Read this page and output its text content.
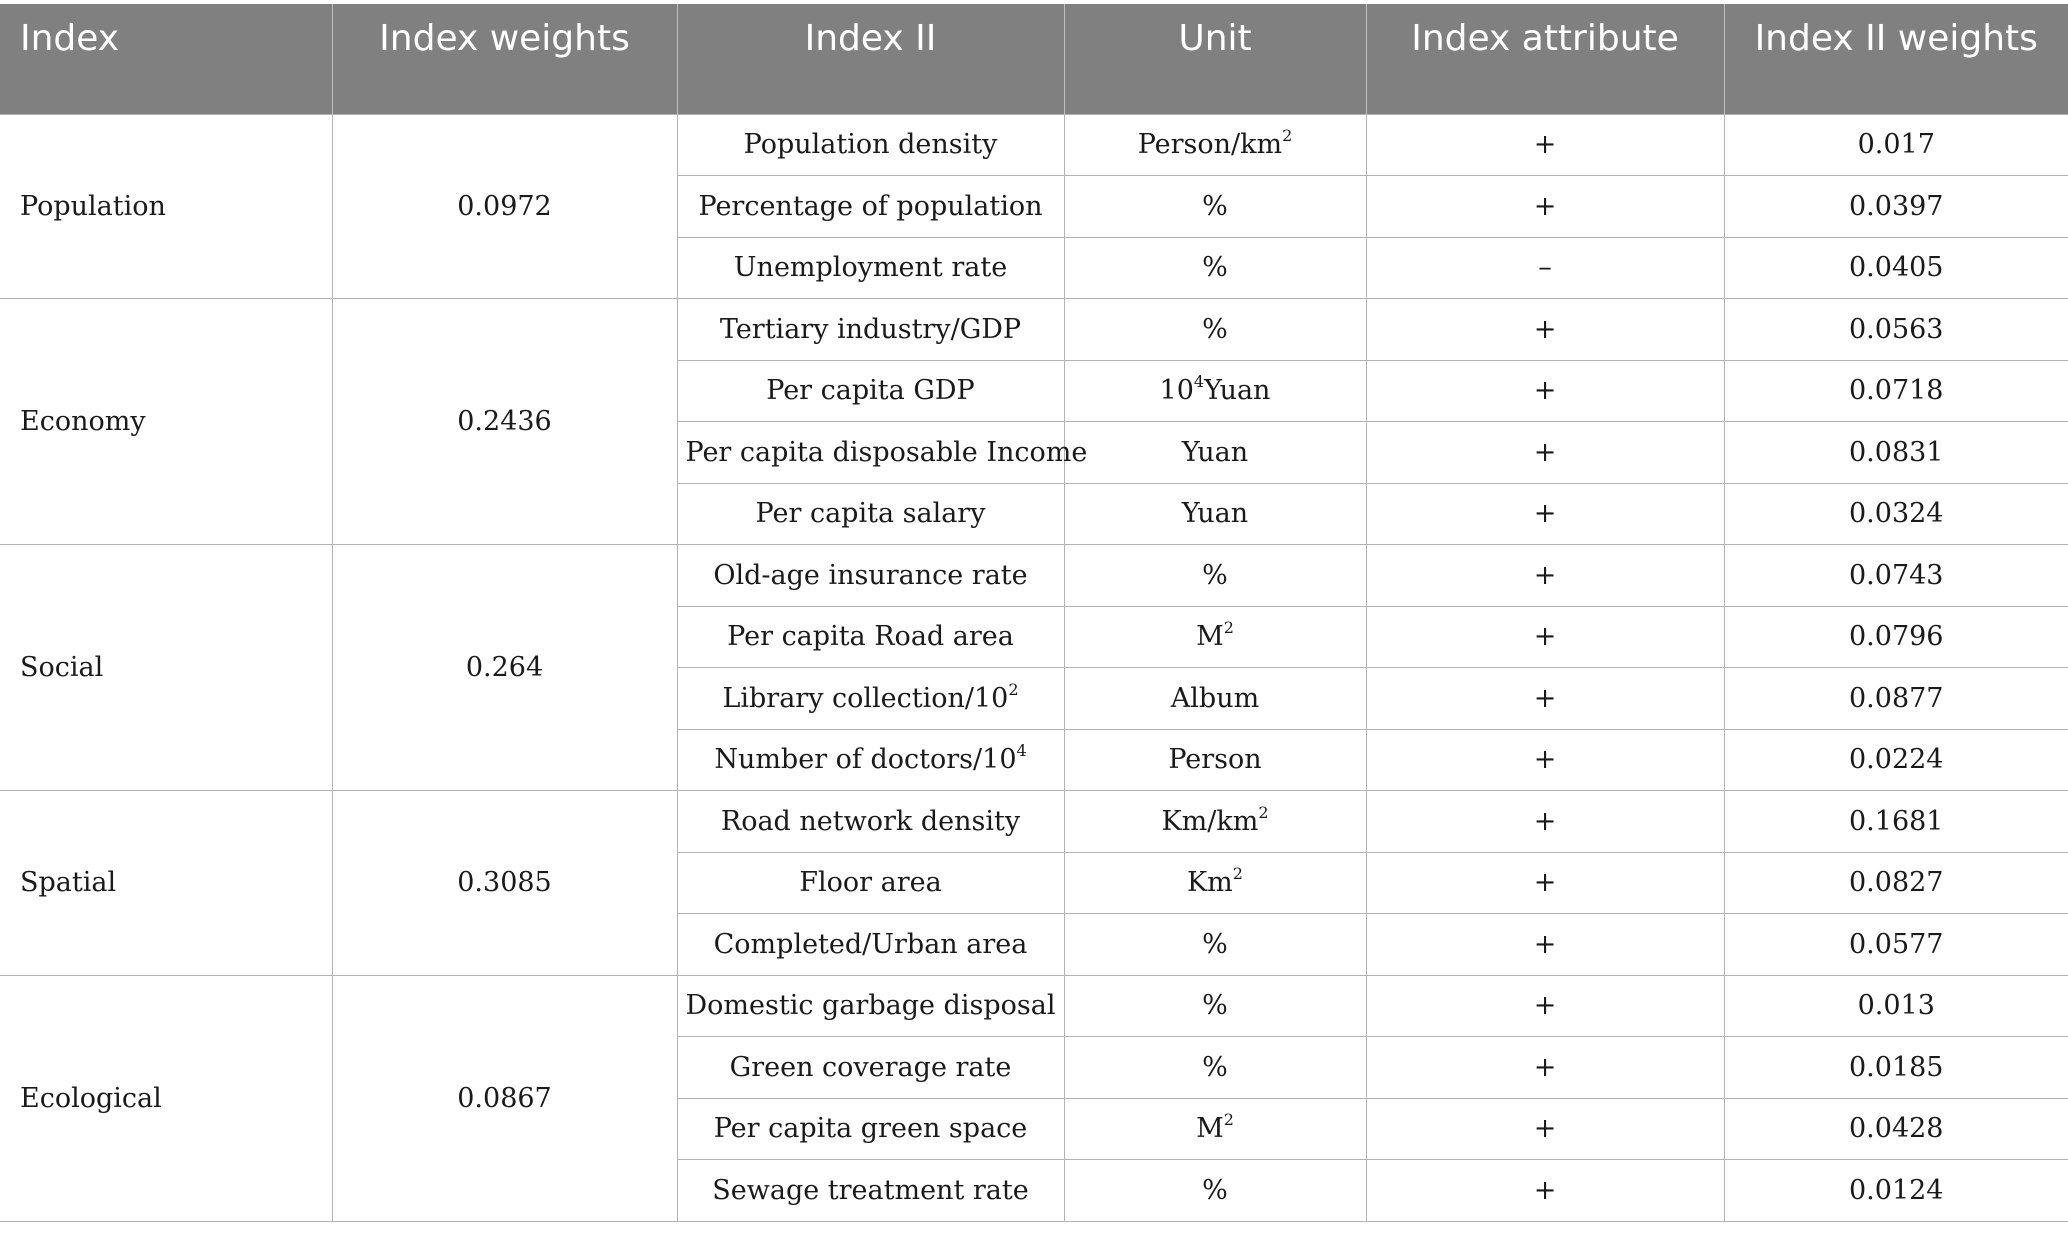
Index	Index weights	Index II	Unit	Index attribute	Index II weights
Population	0.0972	Population density	Person/$km^2$	+	0.017
		Percentage of population	%	+	0.0397
		Unemployment rate	%	–	0.0405
Economy	0.2436	Tertiary industry/GDP	%	+	0.0563
		Per capita GDP	$10^4Yuan$	+	0.0718
		Per capita disposable Income	Yuan	+	0.0831
		Per capita salary	Yuan	+	0.0324
Social	0.264	Old-age insurance rate	%	+	0.0743
		Per capita Road area	$M^2$	+	0.0796
		Library collection/$10^2$	Album	+	0.0877
		Number of doctors/$10^4$	Person	+	0.0224
Spatial	0.3085	Road network density	$Km/km^2$	+	0.1681
		Floor area	$Km^2$	+	0.0827
		Completed/Urban area	%	+	0.0577
Ecological	0.0867	Domestic garbage disposal	%	+	0.013
		Green coverage rate	%	+	0.0185
		Per capita green space	$M^2$	+	0.0428
		Sewage treatment rate	%	+	0.0124
